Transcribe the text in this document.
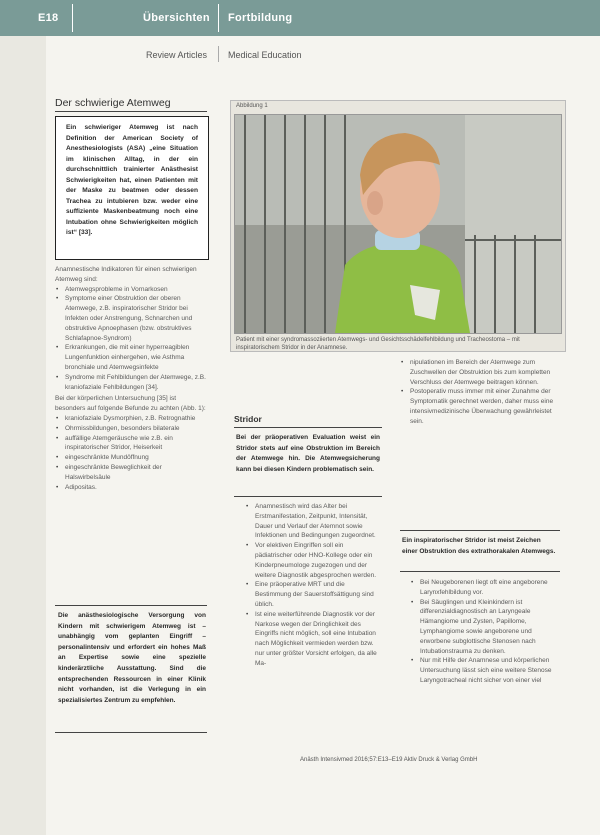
E18	Übersichten Fortbildung
Review Articles Medical Education
Der schwierige Atemweg
Ein schwieriger Atemweg ist nach Definition der American Society of Anesthesiologists (ASA) „eine Situation im klinischen Alltag, in der ein durchschnittlich trainierter Anästhesist Schwierigkeiten hat, einen Patienten mit der Maske zu beatmen oder dessen Trachea zu intubieren bzw. weder eine suffiziente Maskenbeatmung noch eine Intubation ohne Schwierigkeiten möglich ist“ [33].
Anamnestische Indikatoren für einen schwierigen Atemweg sind:
• Atemwegsprobleme in Vornarkosen
• Symptome einer Obstruktion der oberen Atemwege, z.B. inspiratorischer Stridor bei Infekten oder Anstrengung, Schnarchen und obstruktive Apnoephasen (bzw. obstruktives Schlafapnoe-Syndrom)
• Erkrankungen, die mit einer hyperreagiblen Lungenfunktion einhergehen, wie Asthma bronchiale und Atemwegsinfekte
• Syndrome mit Fehlbildungen der Atemwege, z.B. kraniofaziale Fehlbildungen [34].
Bei der körperlichen Untersuchung [35] ist besonders auf folgende Befunde zu achten (Abb. 1):
• kraniofaziale Dysmorphien, z.B. Retrognathie
• Ohrmissbildungen, besonders bilaterale
• auffällige Atemgeräusche wie z.B. ein inspiratorischer Stridor, Heiserkeit
• eingeschränkte Mundöffnung
• eingeschränkte Beweglichkeit der Halswirbelsäule
• Adipositas.
Die anästhesiologische Versorgung von Kindern mit schwierigem Atemweg ist – unabhängig vom geplanten Eingriff – personalintensiv und erfordert ein hohes Maß an Expertise sowie eine spezielle kinderärztliche Ausstattung. Sind die entsprechenden Ressourcen in einer Klinik nicht vorhanden, ist die Verlegung in ein spezialisiertes Zentrum zu empfehlen.
Abbildung 1
Patient mit einer syndromassoziierten Atemwegs- und Gesichtsschädelfehlbildung und Tracheostoma – mit inspiratorischem Stridor in der Anamnese.
Stridor
Bei der präoperativen Evaluation weist ein Stridor stets auf eine Obstruktion im Bereich der Atemwege hin. Die Atemwegsicherung kann bei diesen Kindern problematisch sein.
• Anamnestisch wird das Alter bei Erstmanifestation, Zeitpunkt, Intensität, Dauer und Verlauf der Atemnot sowie Infektionen und Bedingungen zugeordnet.
• Vor elektiven Eingriffen soll ein pädiatrischer oder HNO-Kollege oder ein Kinderpneumologe zugezogen und der weitere Diagnostik abgesprochen werden.
• Eine präoperative MRT und die Bestimmung der Sauerstoffsättigung sind üblich.
• Ist eine weiterführende Diagnostik vor der Narkose wegen der Dringlichkeit des Eingriffs nicht möglich, soll eine Intubation nach Möglichkeit vermieden werden bzw. nur unter größter Vorsicht erfolgen, da alle Ma-
• nipulationen im Bereich der Atemwege zum Zuschwellen der Obstruktion bis zum kompletten Verschluss der Atemwege beitragen können.
• Postoperativ muss immer mit einer Zunahme der Symptomatik gerechnet werden, daher muss eine intensivmedizinische Überwachung gewährleistet sein.
Ein inspiratorischer Stridor ist meist Zeichen einer Obstruktion des extrathorakalen Atemwegs.
• Bei Neugeborenen liegt oft eine angeborene Larynxfehlbildung vor.
• Bei Säuglingen und Kleinkindern ist differenzialdiagnostisch an Laryngeale Hämangiome und Zysten, Papillome, Lymphangiome sowie angeborene und erworbene subglottische Stenosen nach Intubationstrauma zu denken.
• Nur mit Hilfe der Anamnese und körperlichen Untersuchung lässt sich eine weitere Stenose Laryngotracheal nicht sicher von einer viel
Anästh Intensivmed 2016;57:E13–E19 Aktiv Druck & Verlag GmbH
